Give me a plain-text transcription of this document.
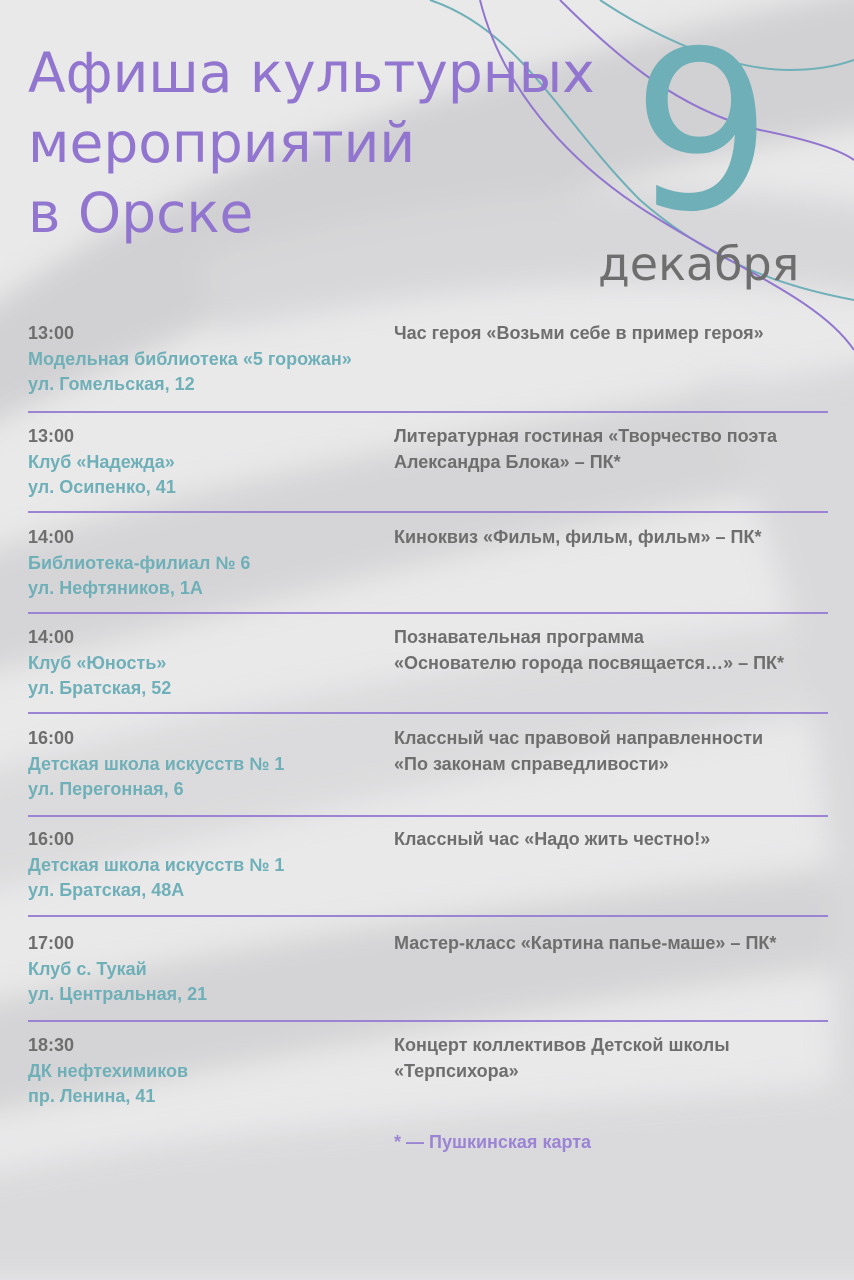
Афиша культурных
мероприятий
в Орске	9
декабря
13:00
Модельная библиотека «5 горожан»
ул. Гомельская, 12
Час героя «Возьми себе в пример героя»
13:00
Клуб «Надежда»
ул. Осипенко, 41
Литературная гостиная «Творчество поэта
Александра Блока» – ПК*
14:00
Библиотека-филиал № 6
ул. Нефтяников, 1А
Киноквиз «Фильм, фильм, фильм» – ПК*
14:00
Клуб «Юность»
ул. Братская, 52
Познавательная программа
«Основателю города посвящается…» – ПК*
16:00
Детская школа искусств № 1
ул. Перегонная, 6
Классный час правовой направленности
«По законам справедливости»
16:00
Детская школа искусств № 1
ул. Братская, 48А
Классный час «Надо жить честно!»
17:00
Клуб с. Тукай
ул. Центральная, 21
Мастер-класс «Картина папье-маше» – ПК*
18:30
ДК нефтехимиков
пр. Ленина, 41
Концерт коллективов Детской школы
«Терпсихора»
* — Пушкинская карта
